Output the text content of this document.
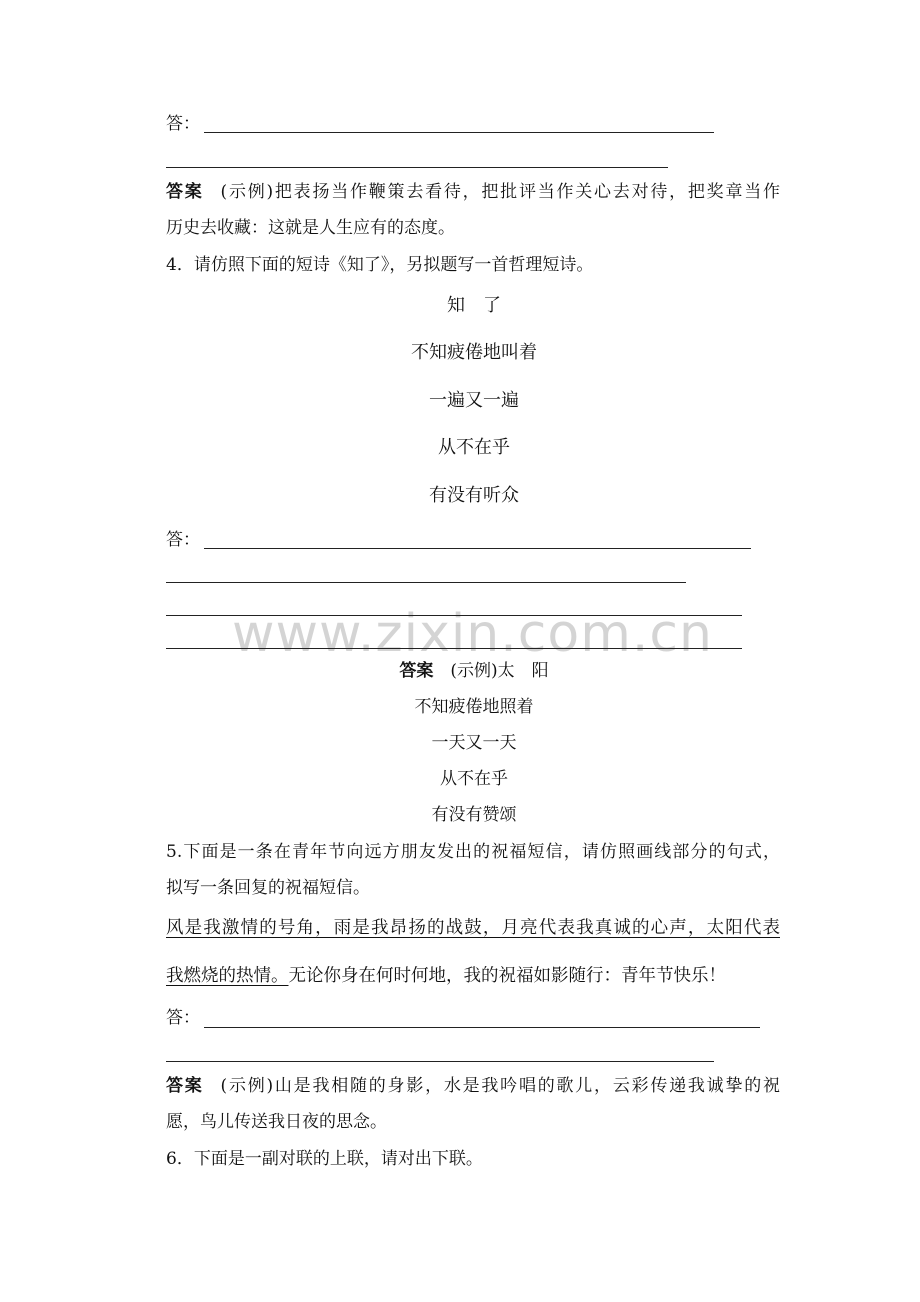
www.zixin.com.cn
答：
答案  (示例)把表扬当作鞭策去看待，把批评当作关心去对待，把奖章当作
历史去收藏：这就是人生应有的态度。
4．请仿照下面的短诗《知了》，另拟题写一首哲理短诗。
知　了
不知疲倦地叫着
一遍又一遍
从不在乎
有没有听众
答：
答案  (示例)太　阳
不知疲倦地照着
一天又一天
从不在乎
有没有赞颂
5.下面是一条在青年节向远方朋友发出的祝福短信，请仿照画线部分的句式，
拟写一条回复的祝福短信。
风是我激情的号角，雨是我昂扬的战鼓，月亮代表我真诚的心声，太阳代表
我燃烧的热情。无论你身在何时何地，我的祝福如影随行：青年节快乐！
答：
答案  (示例)山是我相随的身影，水是我吟唱的歌儿，云彩传递我诚挚的祝
愿，鸟儿传送我日夜的思念。
6．下面是一副对联的上联，请对出下联。
